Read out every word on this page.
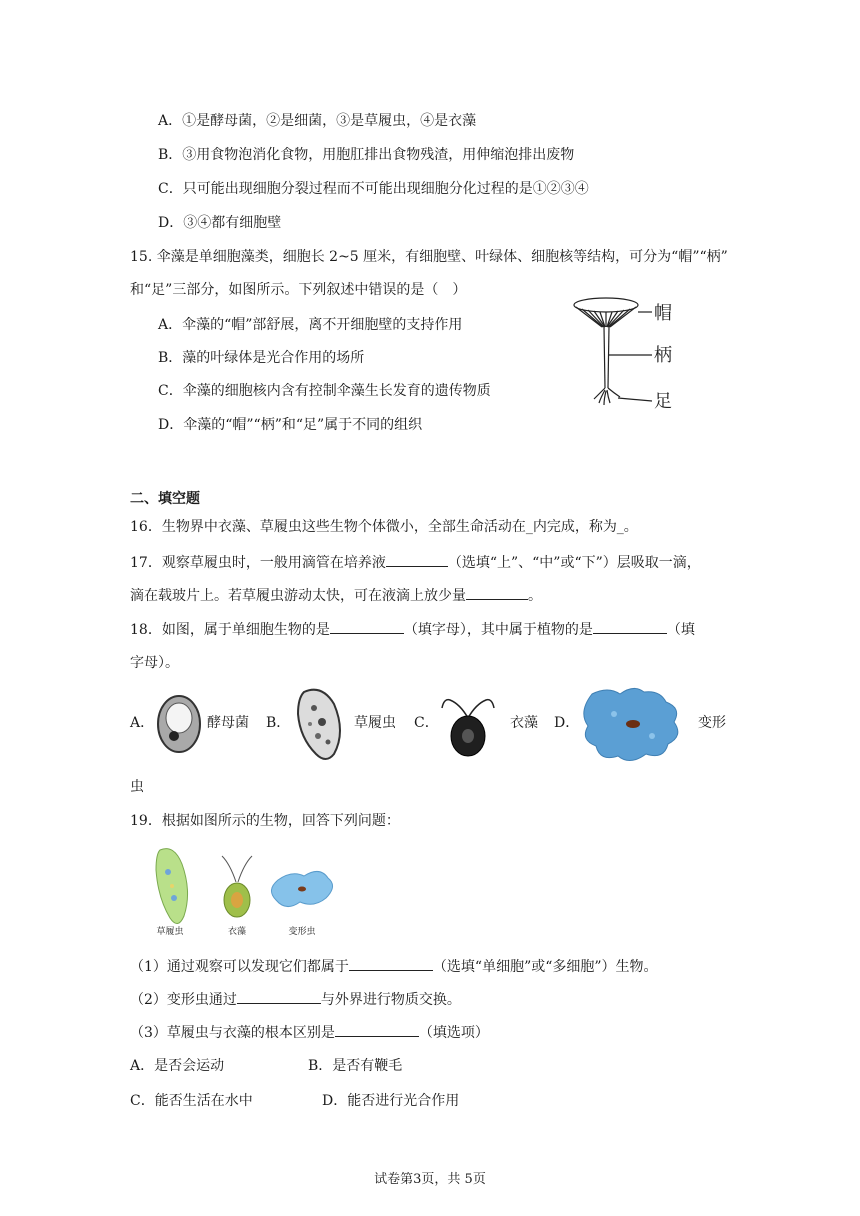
A．①是酵母菌，②是细菌，③是草履虫，④是衣藻
B．③用食物泡消化食物，用胞肛排出食物残渣，用伸缩泡排出废物
C．只可能出现细胞分裂过程而不可能出现细胞分化过程的是①②③④
D．③④都有细胞壁
15. 伞藻是单细胞藻类，细胞长 2~5 厘米，有细胞壁、叶绿体、细胞核等结构，可分为“帽”“柄”
和“足”三部分，如图所示。下列叙述中错误的是（　）
A．伞藻的“帽”部舒展，离不开细胞壁的支持作用
B．藻的叶绿体是光合作用的场所
C．伞藻的细胞核内含有控制伞藻生长发育的遗传物质
D．伞藻的“帽”“柄”和“足”属于不同的组织
帽
柄
足
二、填空题
16．生物界中衣藻、草履虫这些生物个体微小，全部生命活动在_内完成，称为_。
17．观察草履虫时，一般用滴管在培养液	（选填“上”、“中”或“下”）层吸取一滴，
滴在载玻片上。若草履虫游动太快，可在液滴上放少量	。
18．如图，属于单细胞生物的是	（填字母），其中属于植物的是	（填
字母）。
A．	酵母菌 B．	草履虫 C．	衣藻 D．	变形
虫
19．根据如图所示的生物，回答下列问题：
草履虫	衣藻	变形虫
（1）通过观察可以发现它们都属于	（选填“单细胞”或“多细胞”）生物。
（2）变形虫通过	与外界进行物质交换。
（3）草履虫与衣藻的根本区别是	（填选项）
A．是否会运动	B．是否有鞭毛
C．能否生活在水中	D．能否进行光合作用
试卷第3页，共 5页
